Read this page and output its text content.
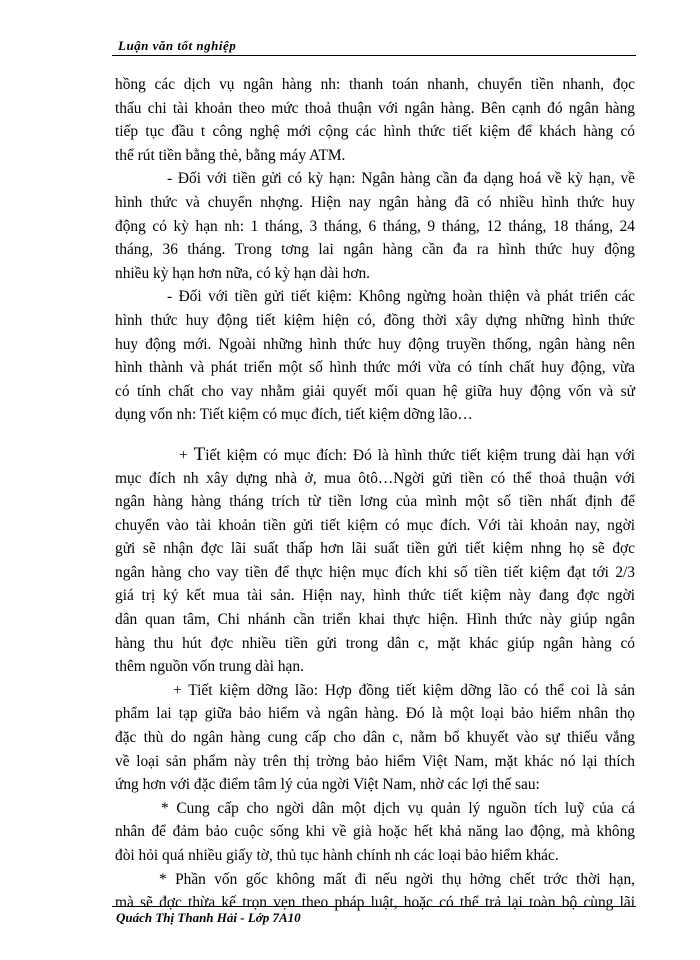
Luận văn tốt nghiệp
hồng các dịch vụ ngân hàng nh: thanh toán nhanh, chuyển tiền nhanh, đọc
thấu chi tài khoản theo mức thoả thuận với ngân hàng. Bên cạnh đó ngân hàng
tiếp tục đầu t công nghệ mới cộng các hình thức tiết kiệm để khách hàng có
thể rút tiền bằng thẻ, bằng máy ATM.
- Đối với tiền gửi có kỳ hạn: Ngân hàng cần đa dạng hoá về kỳ hạn, về
hình thức và chuyển nhợng. Hiện nay ngân hàng đã có nhiều hình thức huy
động có kỳ hạn nh: 1 tháng, 3 tháng, 6 tháng, 9 tháng, 12 tháng, 18 tháng, 24
tháng, 36 tháng. Trong tơng lai ngân hàng cần đa ra hình thức huy động
nhiều kỳ hạn hơn nữa, có kỳ hạn dài hơn.
- Đối với tiền gửi tiết kiệm: Không ngừng hoàn thiện và phát triển các
hình thức huy động tiết kiệm hiện có, đồng thời xây dựng những hình thức
huy động mới. Ngoài những hình thức huy động truyền thống, ngân hàng nên
hình thành và phát triển một số hình thức mới vừa có tính chất huy động, vừa
có tính chất cho vay nhằm giải quyết mối quan hệ giữa huy động vốn và sử
dụng vốn nh: Tiết kiệm có mục đích, tiết kiệm dỡng lão…
+ Tiết kiệm có mục đích: Đó là hình thức tiết kiệm trung dài hạn với
mục đích nh xây dựng nhà ở, mua ôtô…Ngời gửi tiền có thể thoả thuận với
ngân hàng hàng tháng trích từ tiền lơng của mình một số tiền nhất định để
chuyển vào tài khoản tiền gửi tiết kiệm có mục đích. Với tài khoản nay, ngời
gửi sẽ nhận đợc lãi suất thấp hơn lãi suất tiền gửi tiết kiệm nhng họ sẽ đợc
ngân hàng cho vay tiền để thực hiện mục đích khi số tiền tiết kiệm đạt tới 2/3
giá trị ký kết mua tài sản. Hiện nay, hình thức tiết kiệm này đang đợc ngời
dân quan tâm, Chi nhánh cần triển khai thực hiện. Hình thức này giúp ngân
hàng thu hút đợc nhiều tiền gửi trong dân c, mặt khác giúp ngân hàng có
thêm nguồn vốn trung dài hạn.
+ Tiết kiệm dỡng lão: Hợp đồng tiết kiệm dỡng lão có thể coi là sản
phẩm lai tạp giữa bảo hiểm và ngân hàng. Đó là một loại bảo hiểm nhân thọ
đặc thù do ngân hàng cung cấp cho dân c, nằm bổ khuyết vào sự thiếu vắng
về loại sản phẩm này trên thị trờng bảo hiểm Việt Nam, mặt khác nó lại thích
ứng hơn với đặc điểm tâm lý của ngời Việt Nam, nhờ các lợi thế sau:
* Cung cấp cho ngời dân một dịch vụ quản lý nguồn tích luỹ của cá
nhân để đảm bảo cuộc sống khi về già hoặc hết khả năng lao động, mà không
đòi hỏi quá nhiều giấy tờ, thủ tục hành chính nh các loại bảo hiểm khác.
* Phần vốn gốc không mất đi nếu ngời thụ hởng chết trớc thời hạn,
mà sẽ đợc thừa kế trọn vẹn theo pháp luật, hoặc có thể trả lại toàn bộ cùng lãi
Quách Thị Thanh Hải - Lớp 7A10
